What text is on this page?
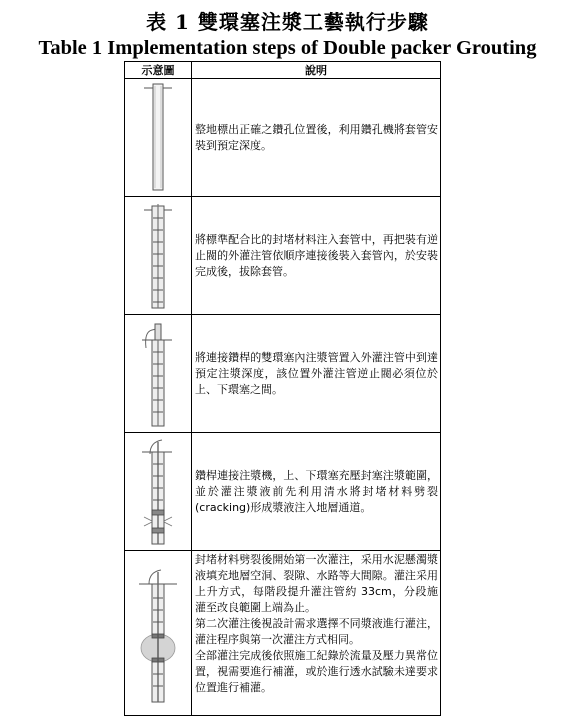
表 1 雙環塞注漿工藝執行步驟
Table 1 Implementation steps of Double packer Grouting
示意圖	說明

整地標出正確之鑽孔位置後，利用鑽孔機將套管安裝到預定深度。

將標準配合比的封堵材料注入套管中，再把裝有逆止閥的外灌注管依順序連接後裝入套管內，於安裝完成後，拔除套管。

將連接鑽桿的雙環塞內注漿管置入外灌注管中到達預定注漿深度，該位置外灌注管逆止閥必須位於上、下環塞之間。

鑽桿連接注漿機，上、下環塞充壓封塞注漿範圍，並於灌注漿液前先利用清水將封堵材料劈裂(cracking)形成漿液注入地層通道。

封堵材料劈裂後開始第一次灌注，采用水泥懸濁漿液填充地層空洞、裂隙、水路等大間隙。灌注采用上升方式，每階段提升灌注管約 33cm，分段施灌至改良範圍上端為止。

第二次灌注後視設計需求選擇不同漿液進行灌注，灌注程序與第一次灌注方式相同。

全部灌注完成後依照施工紀錄於流量及壓力異常位置，視需要進行補灌，或於進行透水試驗未達要求位置進行補灌。
